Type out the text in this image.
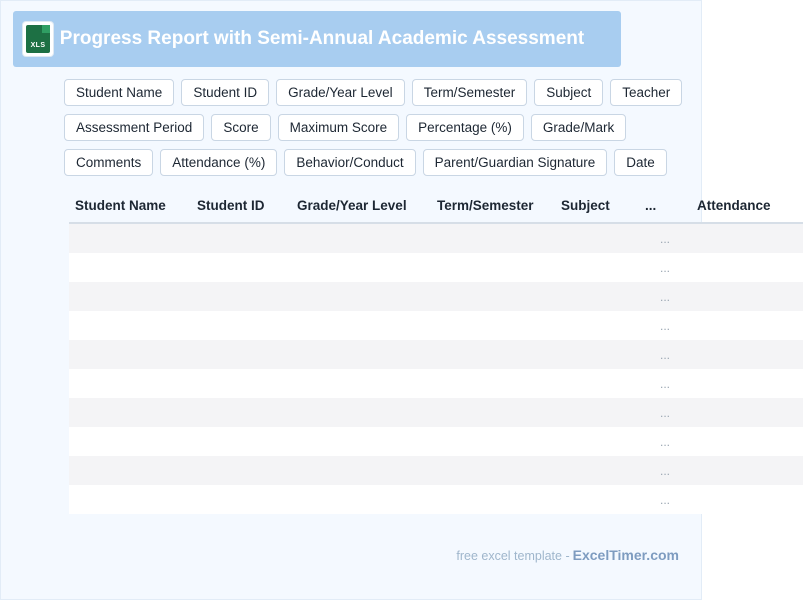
XLS Progress Report with Semi-Annual Academic Assessment
Student Name	Student ID	Grade/Year Level	Term/Semester	Subject	Teacher
Assessment Period	Score	Maximum Score	Percentage (%)	Grade/Mark
Comments	Attendance (%)	Behavior/Conduct	Parent/Guardian Signature	Date
Student Name	Student ID	Grade/Year Level	Term/Semester	Subject	...	Attendance
					...	
					...	
					...	
					...	
					...	
					...	
					...	
					...	
					...	
					...	
free excel template - ExcelTimer.com
